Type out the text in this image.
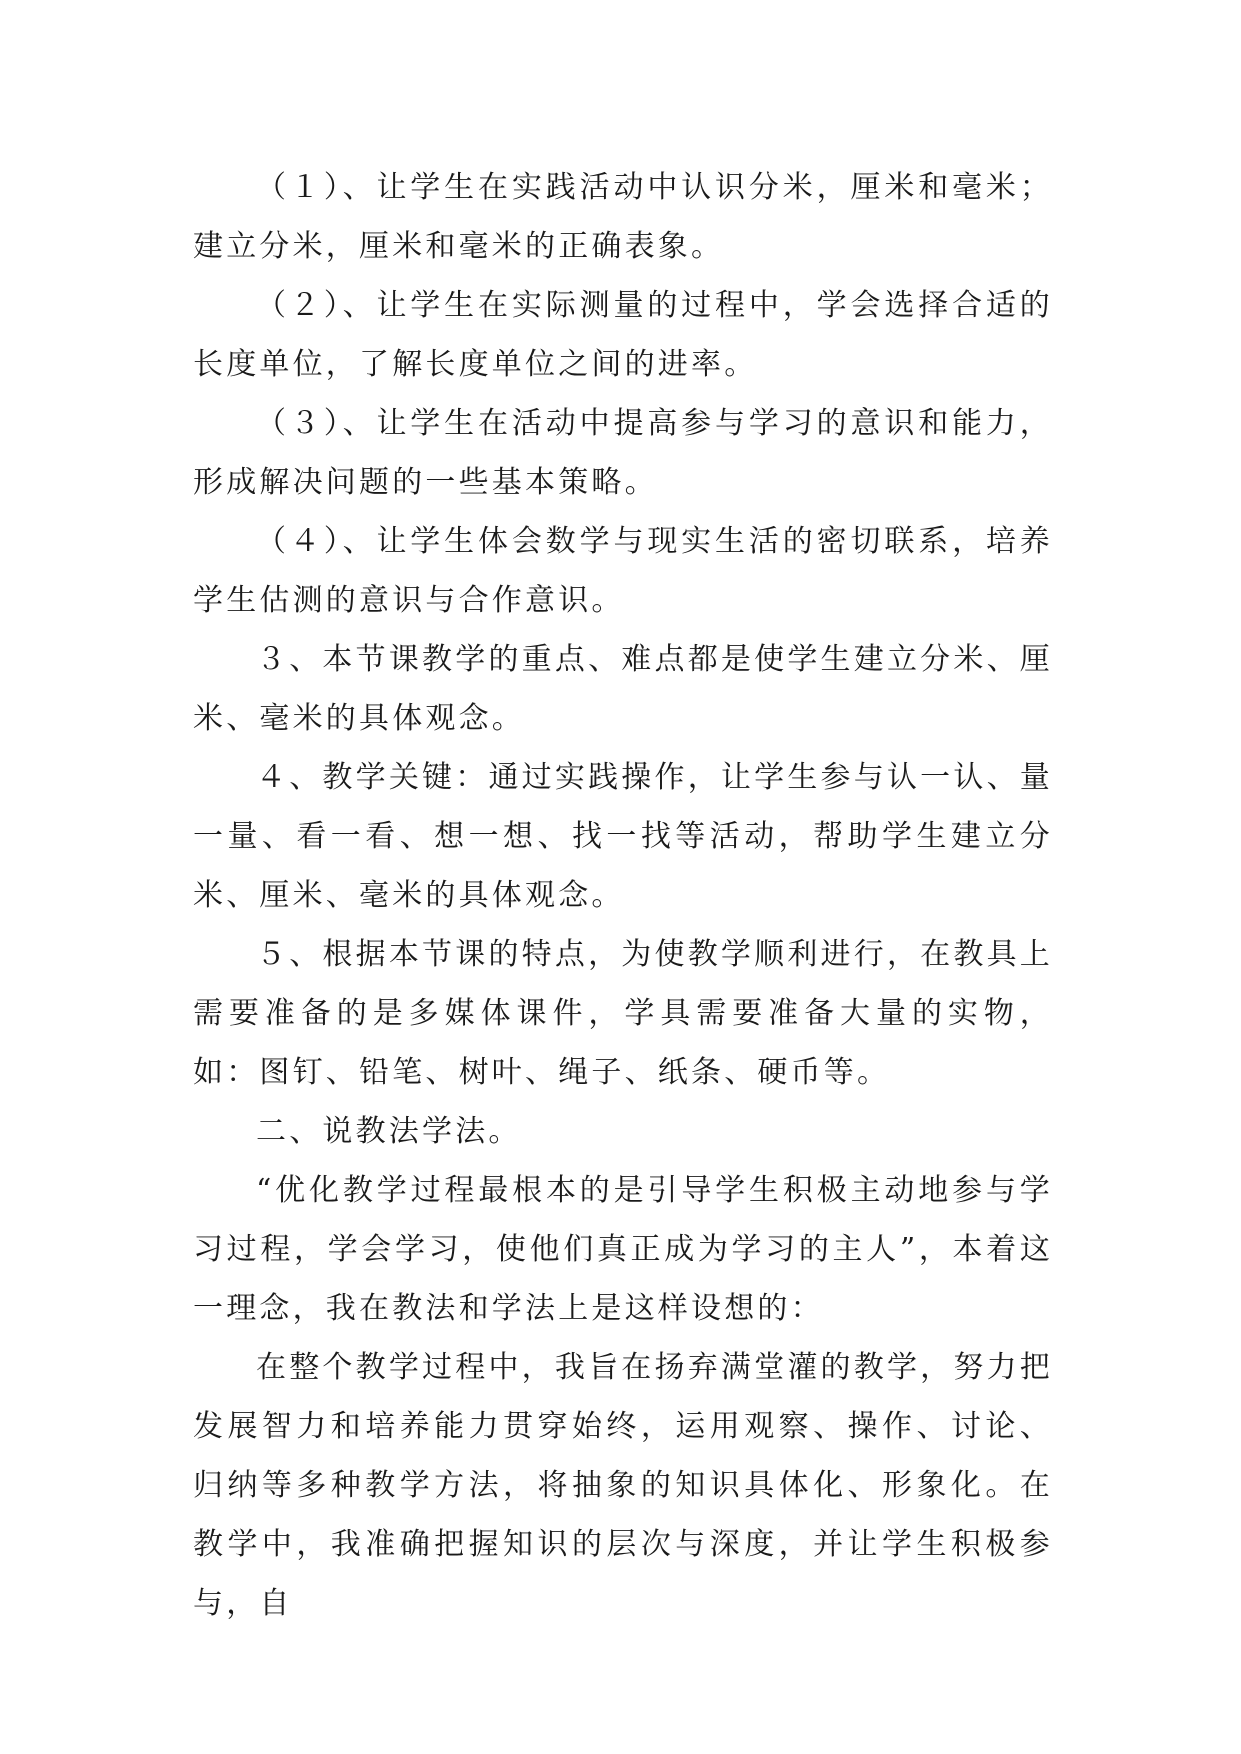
（１）、让学生在实践活动中认识分米，厘米和毫米；建立分米，厘米和毫米的正确表象。

（２）、让学生在实际测量的过程中，学会选择合适的长度单位，了解长度单位之间的进率。

（３）、让学生在活动中提高参与学习的意识和能力，形成解决问题的一些基本策略。

（４）、让学生体会数学与现实生活的密切联系，培养学生估测的意识与合作意识。

３、本节课教学的重点、难点都是使学生建立分米、厘米、毫米的具体观念。

４、教学关键：通过实践操作，让学生参与认一认、量一量、看一看、想一想、找一找等活动，帮助学生建立分米、厘米、毫米的具体观念。

５、根据本节课的特点，为使教学顺利进行，在教具上需要准备的是多媒体课件，学具需要准备大量的实物，如：图钉、铅笔、树叶、绳子、纸条、硬币等。

二、说教法学法。

“优化教学过程最根本的是引导学生积极主动地参与学习过程，学会学习，使他们真正成为学习的主人”，本着这一理念，我在教法和学法上是这样设想的：

在整个教学过程中，我旨在扬弃满堂灌的教学，努力把发展智力和培养能力贯穿始终，运用观察、操作、讨论、归纳等多种教学方法，将抽象的知识具体化、形象化。在教学中，我准确把握知识的层次与深度，并让学生积极参与，自
